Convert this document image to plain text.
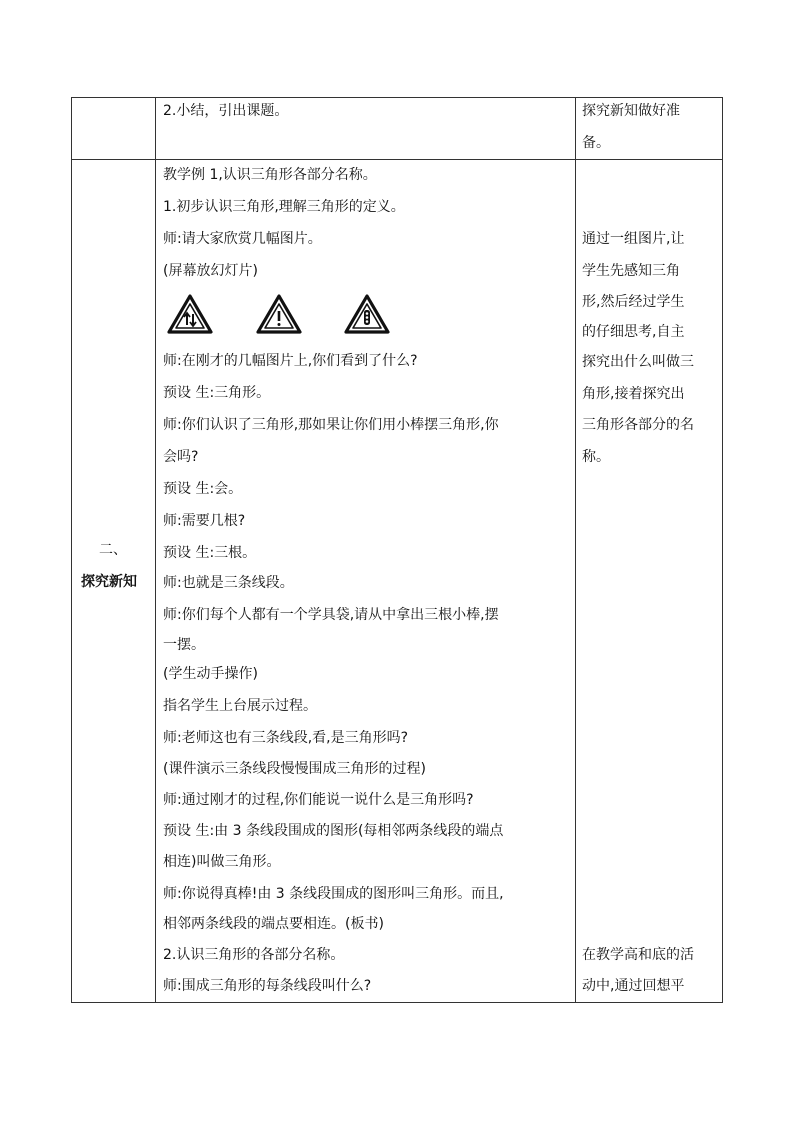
2.小结，引出课题。	探究新知做好准
备。
二、
探究新知
教学例 1,认识三角形各部分名称。
1.初步认识三角形,理解三角形的定义。
师:请大家欣赏几幅图片。
(屏幕放幻灯片)
师:在刚才的几幅图片上,你们看到了什么?
预设 生:三角形。
师:你们认识了三角形,那如果让你们用小棒摆三角形,你
会吗?
预设 生:会。
师:需要几根?
预设 生:三根。
师:也就是三条线段。
师:你们每个人都有一个学具袋,请从中拿出三根小棒,摆
一摆。
(学生动手操作)
指名学生上台展示过程。
师:老师这也有三条线段,看,是三角形吗?
(课件演示三条线段慢慢围成三角形的过程)
师:通过刚才的过程,你们能说一说什么是三角形吗?
预设 生:由 3 条线段围成的图形(每相邻两条线段的端点
相连)叫做三角形。
师:你说得真棒!由 3 条线段围成的图形叫三角形。而且,
相邻两条线段的端点要相连。(板书)
2.认识三角形的各部分名称。
师:围成三角形的每条线段叫什么?
通过一组图片,让
学生先感知三角
形,然后经过学生
的仔细思考,自主
探究出什么叫做三
角形,接着探究出
三角形各部分的名
称。
在教学高和底的活
动中,通过回想平
